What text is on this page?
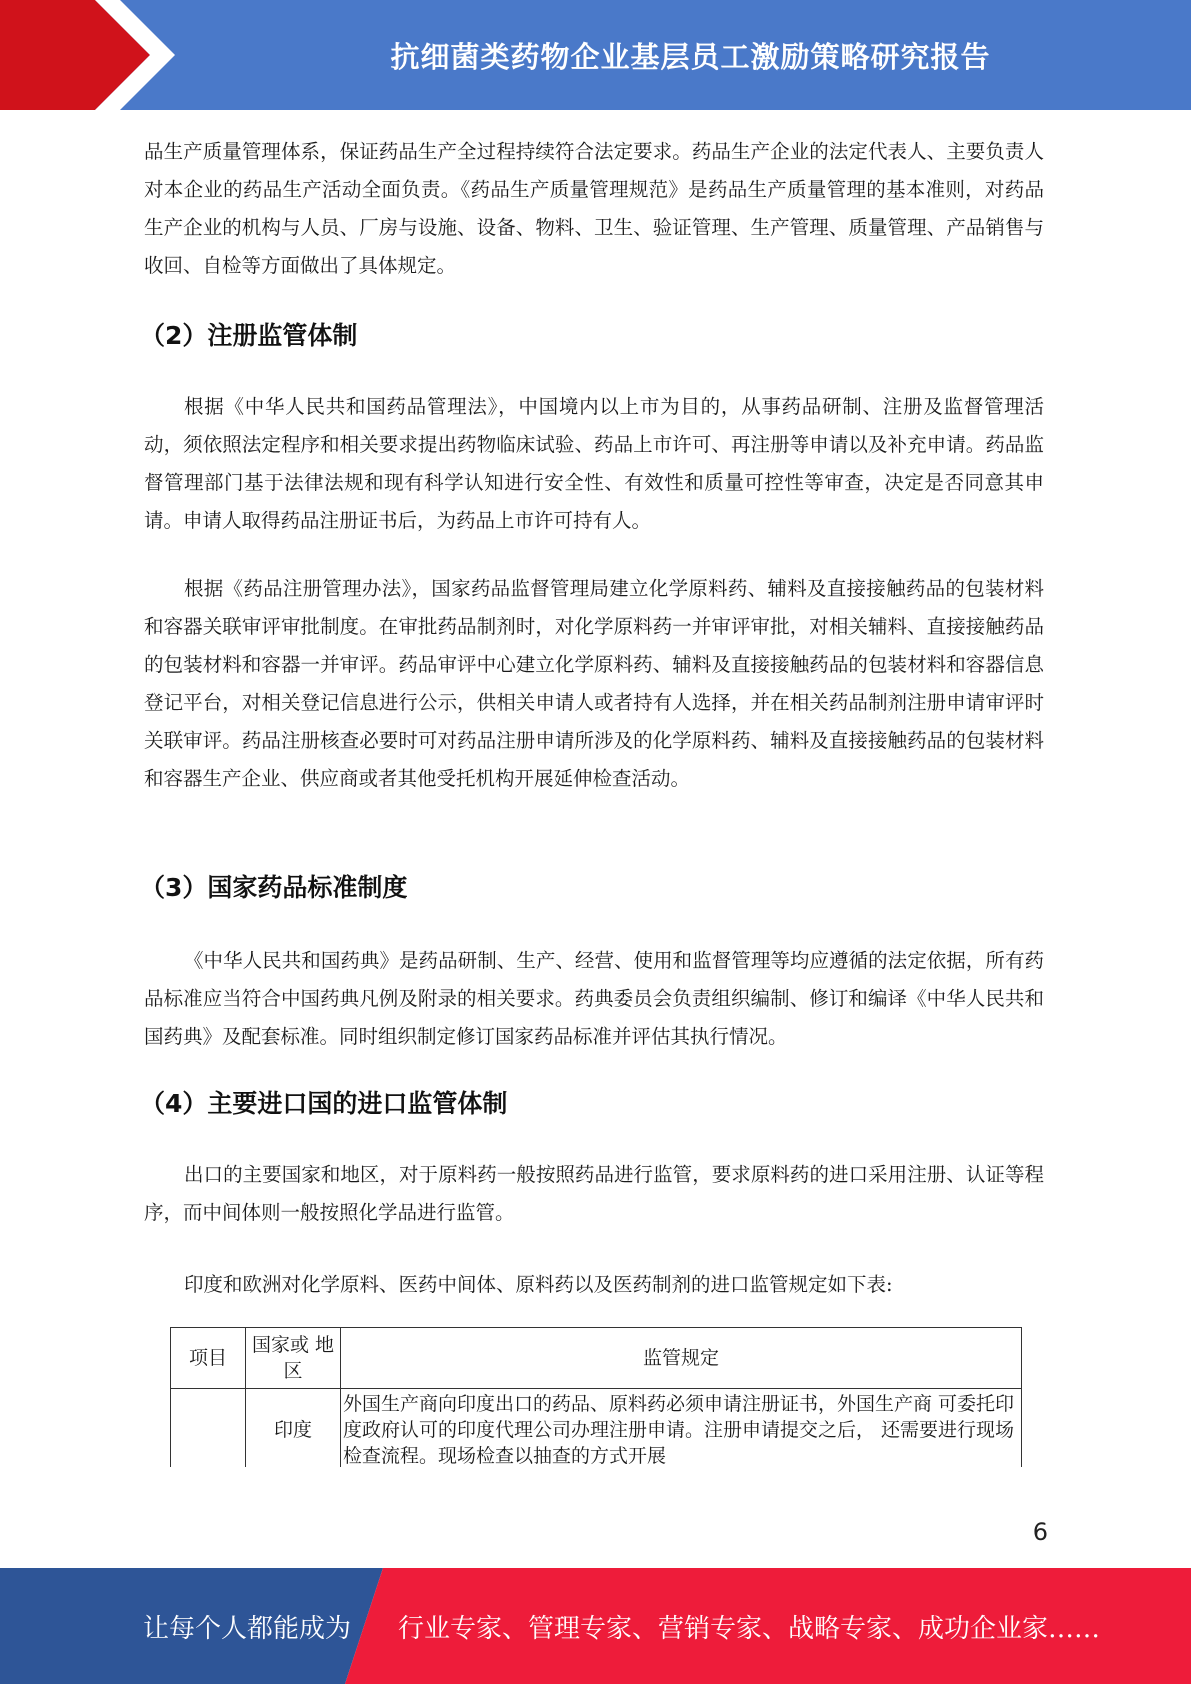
抗细菌类药物企业基层员工激励策略研究报告

品生产质量管理体系，保证药品生产全过程持续符合法定要求。药品生产企业的法定代表人、主要负责人对本企业的药品生产活动全面负责。《药品生产质量管理规范》是药品生产质量管理的基本准则，对药品生产企业的机构与人员、厂房与设施、设备、物料、卫生、验证管理、生产管理、质量管理、产品销售与收回、自检等方面做出了具体规定。

（2）注册监管体制

根据《中华人民共和国药品管理法》，中国境内以上市为目的，从事药品研制、注册及监督管理活动，须依照法定程序和相关要求提出药物临床试验、药品上市许可、再注册等申请以及补充申请。药品监督管理部门基于法律法规和现有科学认知进行安全性、有效性和质量可控性等审查，决定是否同意其申请。申请人取得药品注册证书后，为药品上市许可持有人。

根据《药品注册管理办法》，国家药品监督管理局建立化学原料药、辅料及直接接触药品的包装材料和容器关联审评审批制度。在审批药品制剂时，对化学原料药一并审评审批，对相关辅料、直接接触药品的包装材料和容器一并审评。药品审评中心建立化学原料药、辅料及直接接触药品的包装材料和容器信息登记平台，对相关登记信息进行公示，供相关申请人或者持有人选择，并在相关药品制剂注册申请审评时关联审评。药品注册核查必要时可对药品注册申请所涉及的化学原料药、辅料及直接接触药品的包装材料和容器生产企业、供应商或者其他受托机构开展延伸检查活动。

（3）国家药品标准制度

《中华人民共和国药典》是药品研制、生产、经营、使用和监督管理等均应遵循的法定依据，所有药品标准应当符合中国药典凡例及附录的相关要求。药典委员会负责组织编制、修订和编译《中华人民共和国药典》及配套标准。同时组织制定修订国家药品标准并评估其执行情况。

（4）主要进口国的进口监管体制

出口的主要国家和地区，对于原料药一般按照药品进行监管，要求原料药的进口采用注册、认证等程序，而中间体则一般按照化学品进行监管。

印度和欧洲对化学原料、医药中间体、原料药以及医药制剂的进口监管规定如下表:

项目	国家或 地区	监管规定
	印度	外国生产商向印度出口的药品、原料药必须申请注册证书，外国生产商 可委托印度政府认可的印度代理公司办理注册申请。注册申请提交之后， 还需要进行现场检查流程。现场检查以抽查的方式开展
6
让每个人都能成为 行业专家、管理专家、营销专家、战略专家、成功企业家……
